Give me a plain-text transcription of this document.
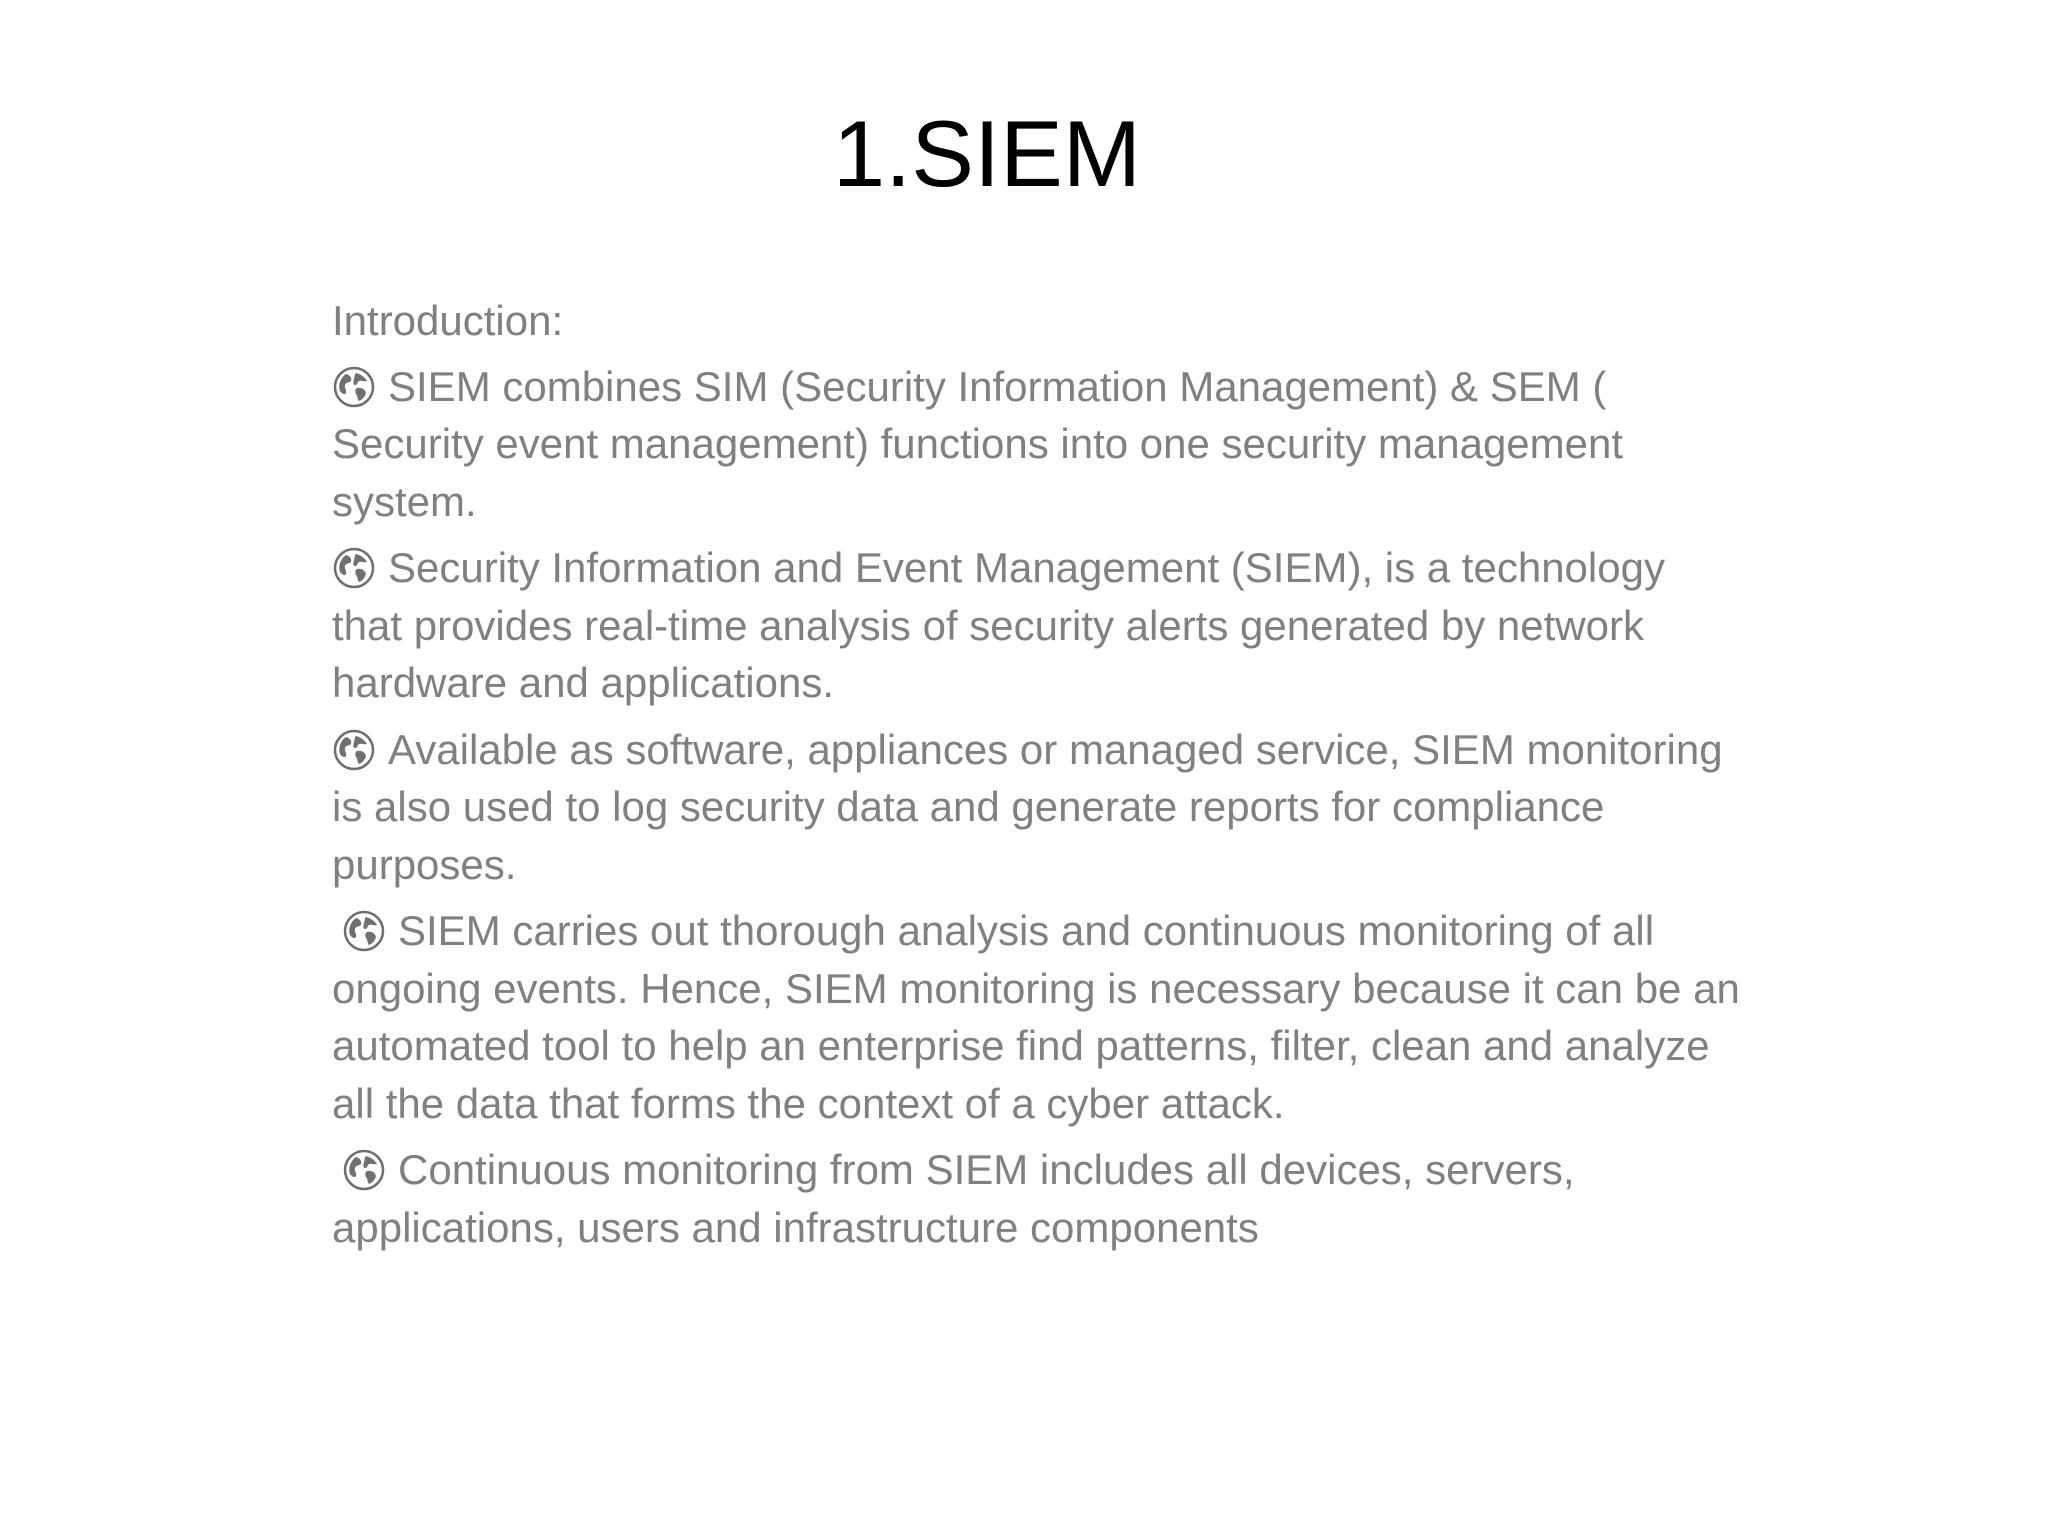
1.SIEM

Introduction:

SIEM combines SIM (Security Information Management) & SEM ( Security event management) functions into one security management system.

Security Information and Event Management (SIEM), is a technology that provides real-time analysis of security alerts generated by network hardware and applications.

Available as software, appliances or managed service, SIEM monitoring is also used to log security data and generate reports for compliance purposes.

SIEM carries out thorough analysis and continuous monitoring of all ongoing events. Hence, SIEM monitoring is necessary because it can be an automated tool to help an enterprise find patterns, filter, clean and analyze all the data that forms the context of a cyber attack.

Continuous monitoring from SIEM includes all devices, servers, applications, users and infrastructure components
